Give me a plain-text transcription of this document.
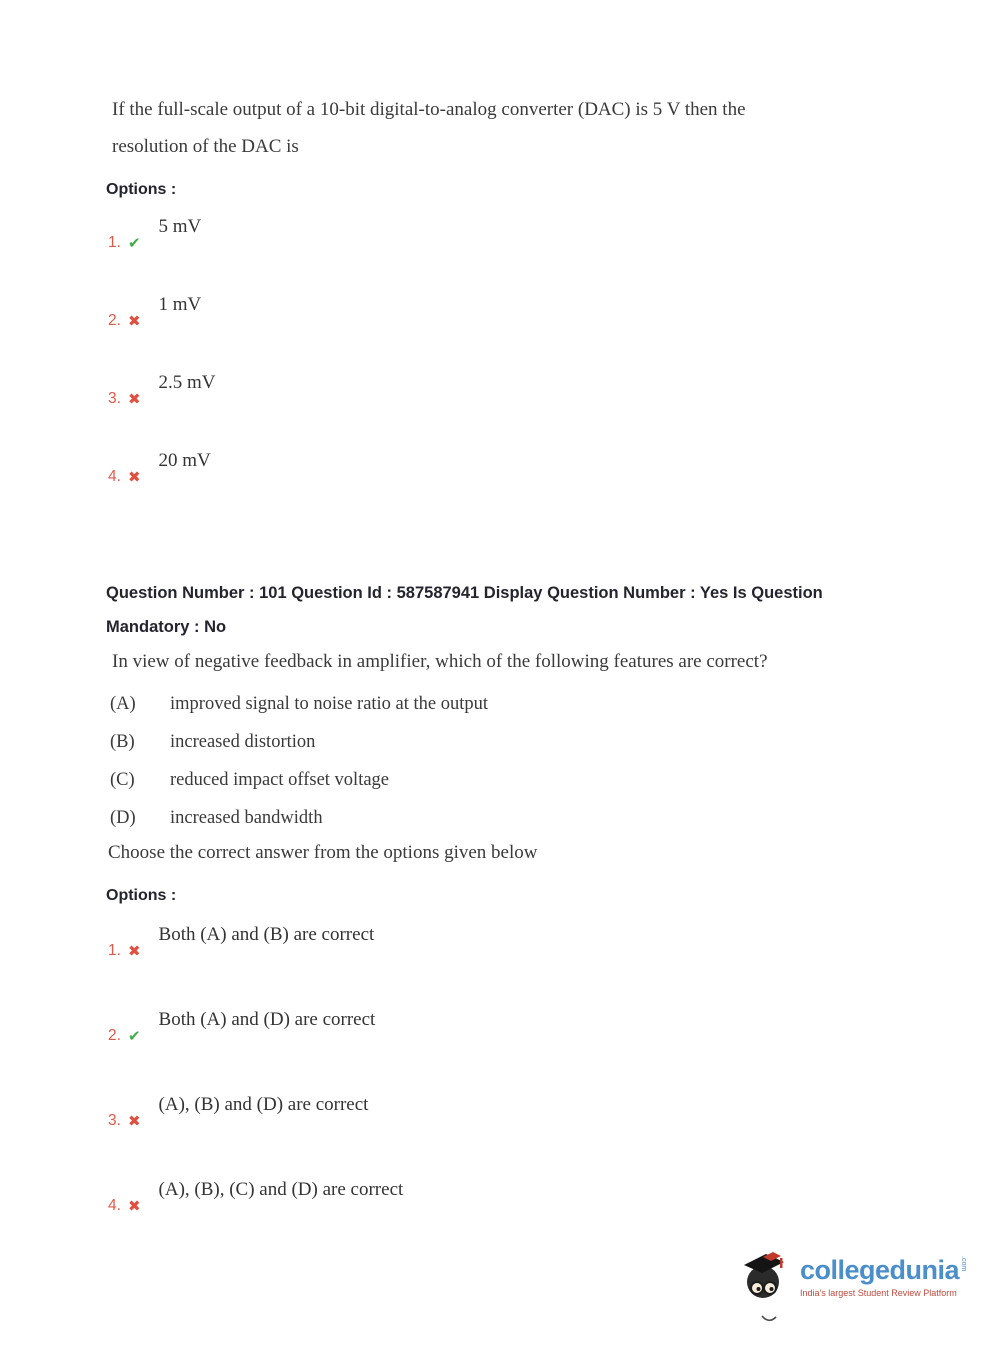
If the full-scale output of a 10-bit digital-to-analog converter (DAC) is 5 V then the

resolution of the DAC is

Options :

1. ✔
5 mV
2. ✖
1 mV
3. ✖
2.5 mV
4. ✖
20 mV

Question Number : 101 Question Id : 587587941 Display Question Number : Yes Is Question

Mandatory : No

In view of negative feedback in amplifier, which of the following features are correct?

(A)	improved signal to noise ratio at the output
(B)	increased distortion
(C)	reduced impact offset voltage
(D)	increased bandwidth

Choose the correct answer from the options given below

Options :

1. ✖
Both (A) and (B) are correct
2. ✔
Both (A) and (D) are correct
3. ✖
(A), (B) and (D) are correct
4. ✖
(A), (B), (C) and (D) are correct
collegedunia .com
India's largest Student Review Platform
